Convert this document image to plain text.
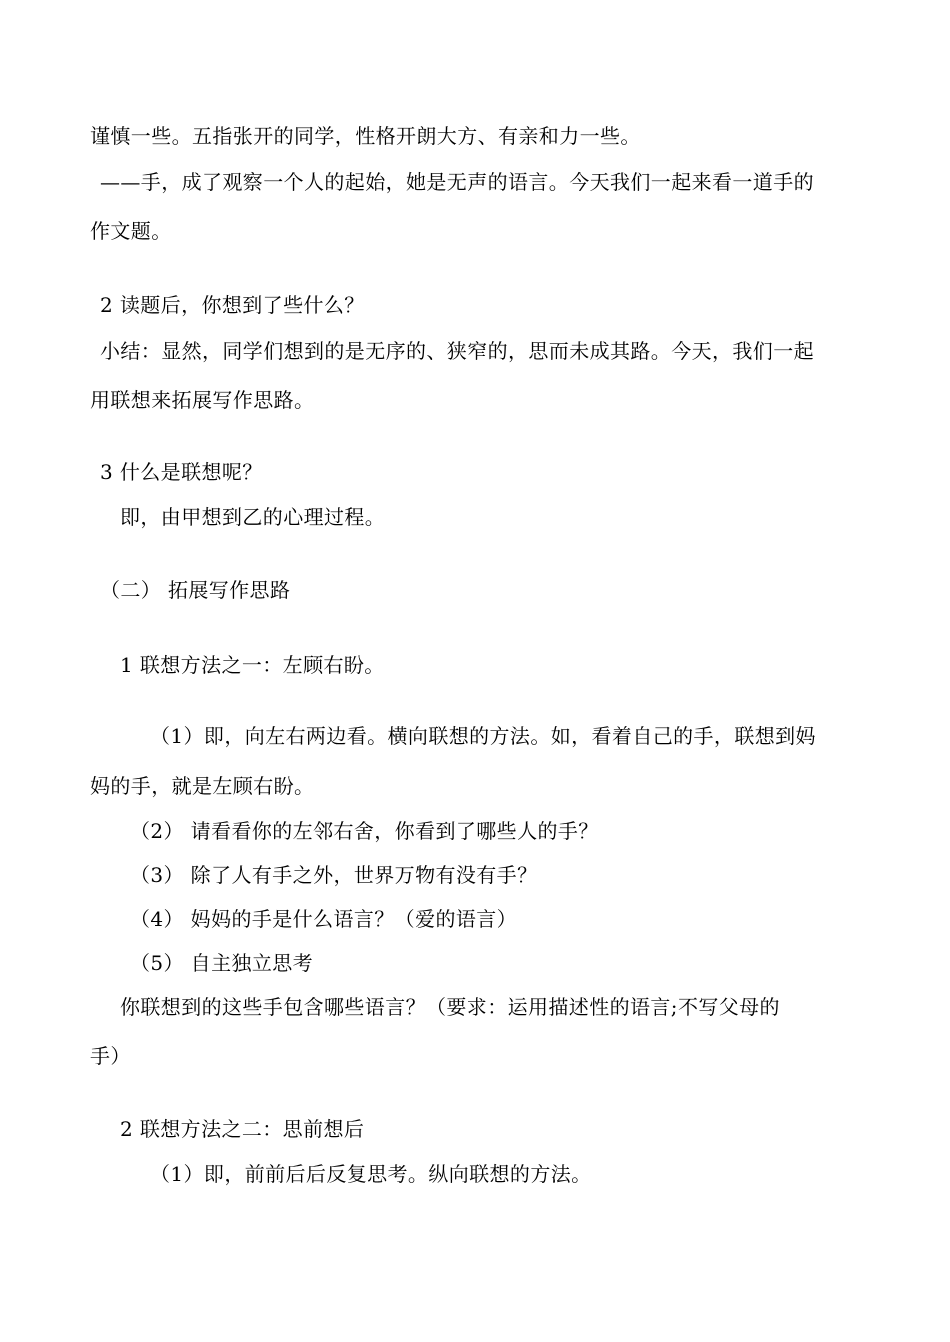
谨慎一些。五指张开的同学，性格开朗大方、有亲和力一些。
——手，成了观察一个人的起始，她是无声的语言。今天我们一起来看一道手的
作文题。
2 读题后，你想到了些什么？
小结：显然，同学们想到的是无序的、狭窄的，思而未成其路。今天，我们一起
用联想来拓展写作思路。
3 什么是联想呢？
即，由甲想到乙的心理过程。
（二） 拓展写作思路
1 联想方法之一：左顾右盼。
（1）即，向左右两边看。横向联想的方法。如，看着自己的手，联想到妈
妈的手，就是左顾右盼。
（2） 请看看你的左邻右舍，你看到了哪些人的手？
（3） 除了人有手之外，世界万物有没有手？
（4） 妈妈的手是什么语言？（爱的语言）
（5） 自主独立思考
你联想到的这些手包含哪些语言？（要求：运用描述性的语言;不写父母的
手）
2 联想方法之二：思前想后
（1）即，前前后后反复思考。纵向联想的方法。
